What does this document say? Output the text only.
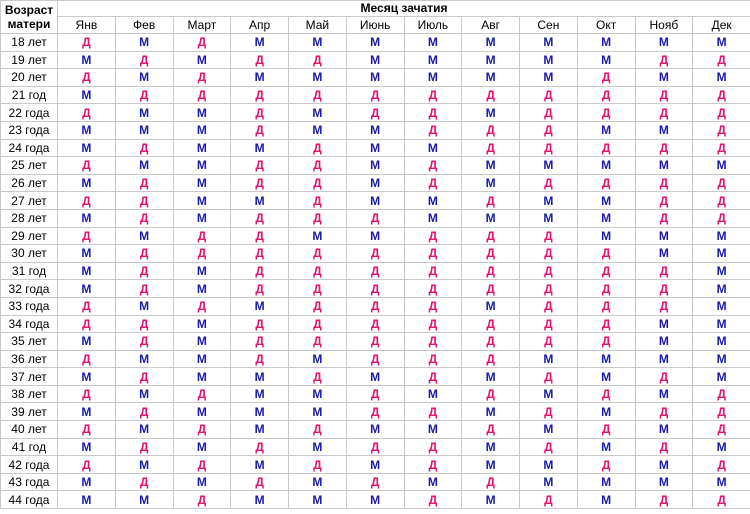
Возраст матери	Месяц зачатия											
	Янв	Фев	Март	Апр	Май	Июнь	Июль	Авг	Сен	Окт	Нояб	Дек
18 лет	Д	М	Д	М	М	М	М	М	М	М	М	М
19 лет	М	Д	М	Д	Д	М	М	М	М	М	Д	Д
20 лет	Д	М	Д	М	М	М	М	М	М	Д	М	М
21 год	М	Д	Д	Д	Д	Д	Д	Д	Д	Д	Д	Д
22 года	Д	М	М	Д	М	Д	Д	М	Д	Д	Д	Д
23 года	М	М	М	Д	М	М	Д	Д	Д	М	М	Д
24 года	М	Д	М	М	Д	М	М	Д	Д	Д	Д	Д
25 лет	Д	М	М	Д	Д	М	Д	М	М	М	М	М
26 лет	М	Д	М	Д	Д	М	Д	М	Д	Д	Д	Д
27 лет	Д	Д	М	М	Д	М	М	Д	М	М	Д	Д
28 лет	М	Д	М	Д	Д	Д	М	М	М	М	Д	Д
29 лет	Д	М	Д	Д	М	М	Д	Д	Д	М	М	М
30 лет	М	Д	Д	Д	Д	Д	Д	Д	Д	Д	М	М
31 год	М	Д	М	Д	Д	Д	Д	Д	Д	Д	Д	М
32 года	М	Д	М	Д	Д	Д	Д	Д	Д	Д	Д	М
33 года	Д	М	Д	М	Д	Д	Д	М	Д	Д	Д	М
34 года	Д	Д	М	Д	Д	Д	Д	Д	Д	Д	М	М
35 лет	М	Д	М	Д	Д	Д	Д	Д	Д	Д	М	М
36 лет	Д	М	М	Д	М	Д	Д	Д	М	М	М	М
37 лет	М	Д	М	М	Д	М	Д	М	Д	М	Д	М
38 лет	Д	М	Д	М	М	Д	М	Д	М	Д	М	Д
39 лет	М	Д	М	М	М	Д	Д	М	Д	М	Д	Д
40 лет	Д	М	Д	М	Д	М	М	Д	М	Д	М	Д
41 год	М	Д	М	Д	М	Д	Д	М	Д	М	Д	М
42 года	Д	М	Д	М	Д	М	Д	М	М	Д	М	Д
43 года	М	Д	М	Д	М	Д	М	Д	М	М	М	М
44 года	М	М	Д	М	М	М	Д	М	Д	М	Д	Д
